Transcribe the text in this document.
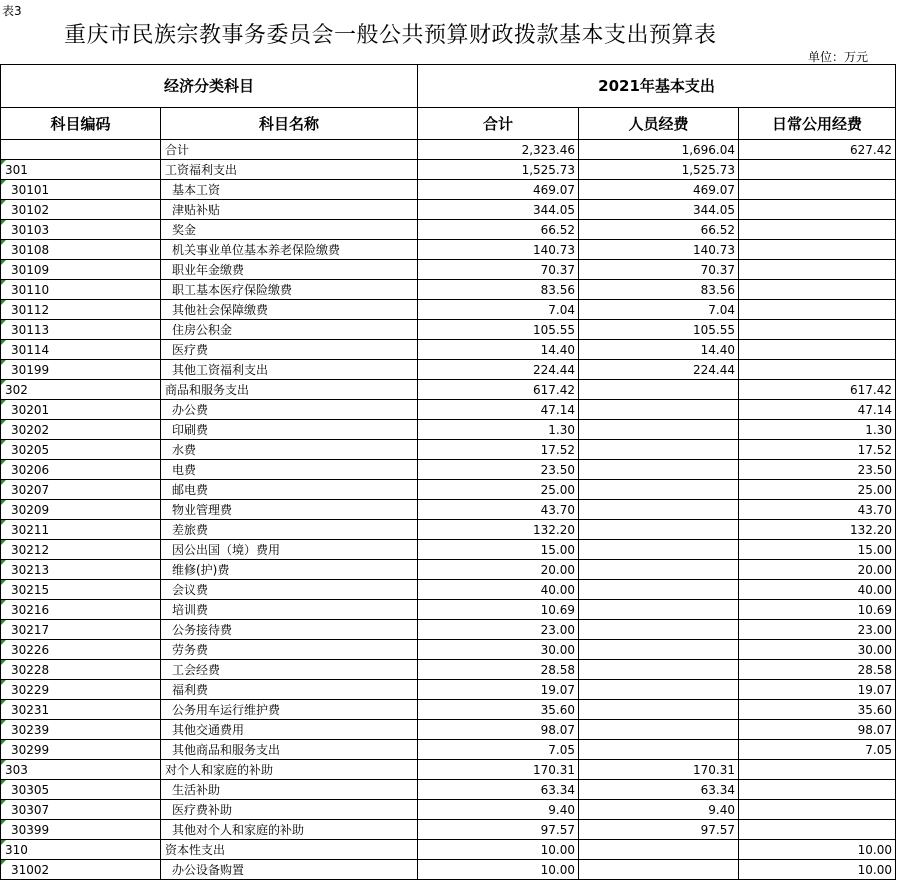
表3
重庆市民族宗教事务委员会一般公共预算财政拨款基本支出预算表
单位：万元
经济分类科目		2021年基本支出		
科目编码	科目名称	合计	人员经费	日常公用经费
	合计	2,323.46	1,696.04	627.42
301	工资福利支出	1,525.73	1,525.73	
30101	基本工资	469.07	469.07	
30102	津贴补贴	344.05	344.05	
30103	奖金	66.52	66.52	
30108	机关事业单位基本养老保险缴费	140.73	140.73	
30109	职业年金缴费	70.37	70.37	
30110	职工基本医疗保险缴费	83.56	83.56	
30112	其他社会保障缴费	7.04	7.04	
30113	住房公积金	105.55	105.55	
30114	医疗费	14.40	14.40	
30199	其他工资福利支出	224.44	224.44	
302	商品和服务支出	617.42		617.42
30201	办公费	47.14		47.14
30202	印刷费	1.30		1.30
30205	水费	17.52		17.52
30206	电费	23.50		23.50
30207	邮电费	25.00		25.00
30209	物业管理费	43.70		43.70
30211	差旅费	132.20		132.20
30212	因公出国（境）费用	15.00		15.00
30213	维修(护)费	20.00		20.00
30215	会议费	40.00		40.00
30216	培训费	10.69		10.69
30217	公务接待费	23.00		23.00
30226	劳务费	30.00		30.00
30228	工会经费	28.58		28.58
30229	福利费	19.07		19.07
30231	公务用车运行维护费	35.60		35.60
30239	其他交通费用	98.07		98.07
30299	其他商品和服务支出	7.05		7.05
303	对个人和家庭的补助	170.31	170.31	
30305	生活补助	63.34	63.34	
30307	医疗费补助	9.40	9.40	
30399	其他对个人和家庭的补助	97.57	97.57	
310	资本性支出	10.00		10.00
31002	办公设备购置	10.00		10.00
